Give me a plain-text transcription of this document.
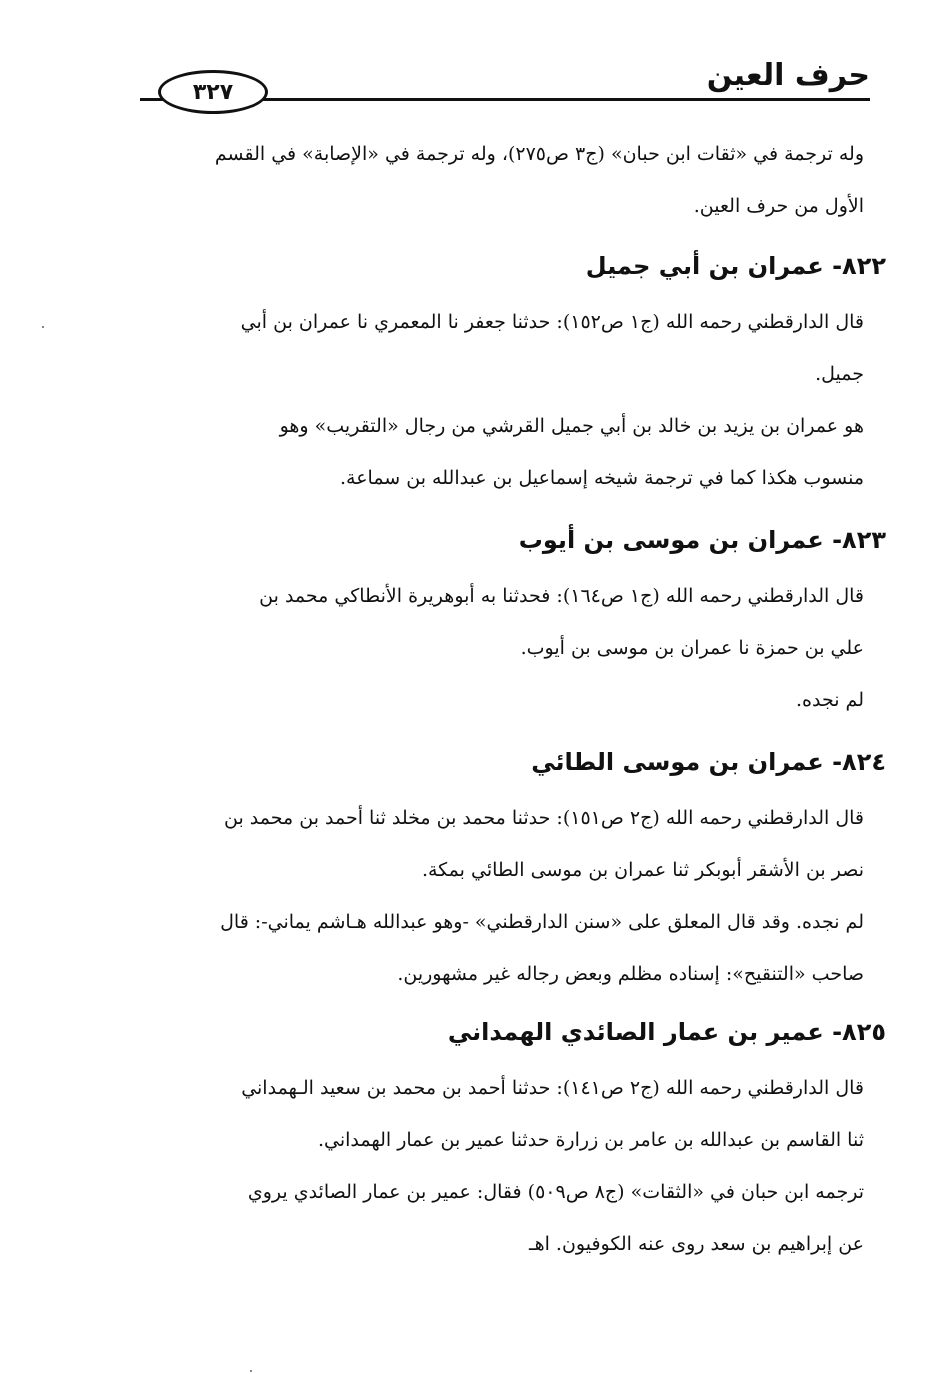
حرف العين
٣٢٧
وله ترجمة في «ثقات ابن حبان» (ج٣ ص٢٧٥)، وله ترجمة في «الإصابة» في القسم
الأول من حرف العين.
٨٢٢- عمران بن أبي جميل
قال الدارقطني رحمه الله (ج١ ص١٥٢): حدثنا جعفر نا المعمري نا عمران بن أبي
جميل.
هو عمران بن يزيد بن خالد بن أبي جميل القرشي من رجال «التقريب» وهو
منسوب هكذا كما في ترجمة شيخه إسماعيل بن عبدالله بن سماعة.
٨٢٣- عمران بن موسى بن أيوب
قال الدارقطني رحمه الله (ج١ ص١٦٤): فحدثنا به أبوهريرة الأنطاكي محمد بن
علي بن حمزة نا عمران بن موسى بن أيوب.
لم نجده.
٨٢٤- عمران بن موسى الطائي
قال الدارقطني رحمه الله (ج٢ ص١٥١): حدثنا محمد بن مخلد ثنا أحمد بن محمد بن
نصر بن الأشقر أبوبكر ثنا عمران بن موسى الطائي بمكة.
لم نجده. وقد قال المعلق على «سنن الدارقطني» -وهو عبدالله هـاشم يماني-: قال
صاحب «التنقيح»: إسناده مظلم وبعض رجاله غير مشهورين.
٨٢٥- عمير بن عمار الصائدي الهمداني
قال الدارقطني رحمه الله (ج٢ ص١٤١): حدثنا أحمد بن محمد بن سعيد الـهمداني
ثنا القاسم بن عبدالله بن عامر بن زرارة حدثنا عمير بن عمار الهمداني.
ترجمه ابن حبان في «الثقات» (ج٨ ص٥٠٩) فقال: عمير بن عمار الصائدي يروي
عن إبراهيم بن سعد روى عنه الكوفيون. اهـ
